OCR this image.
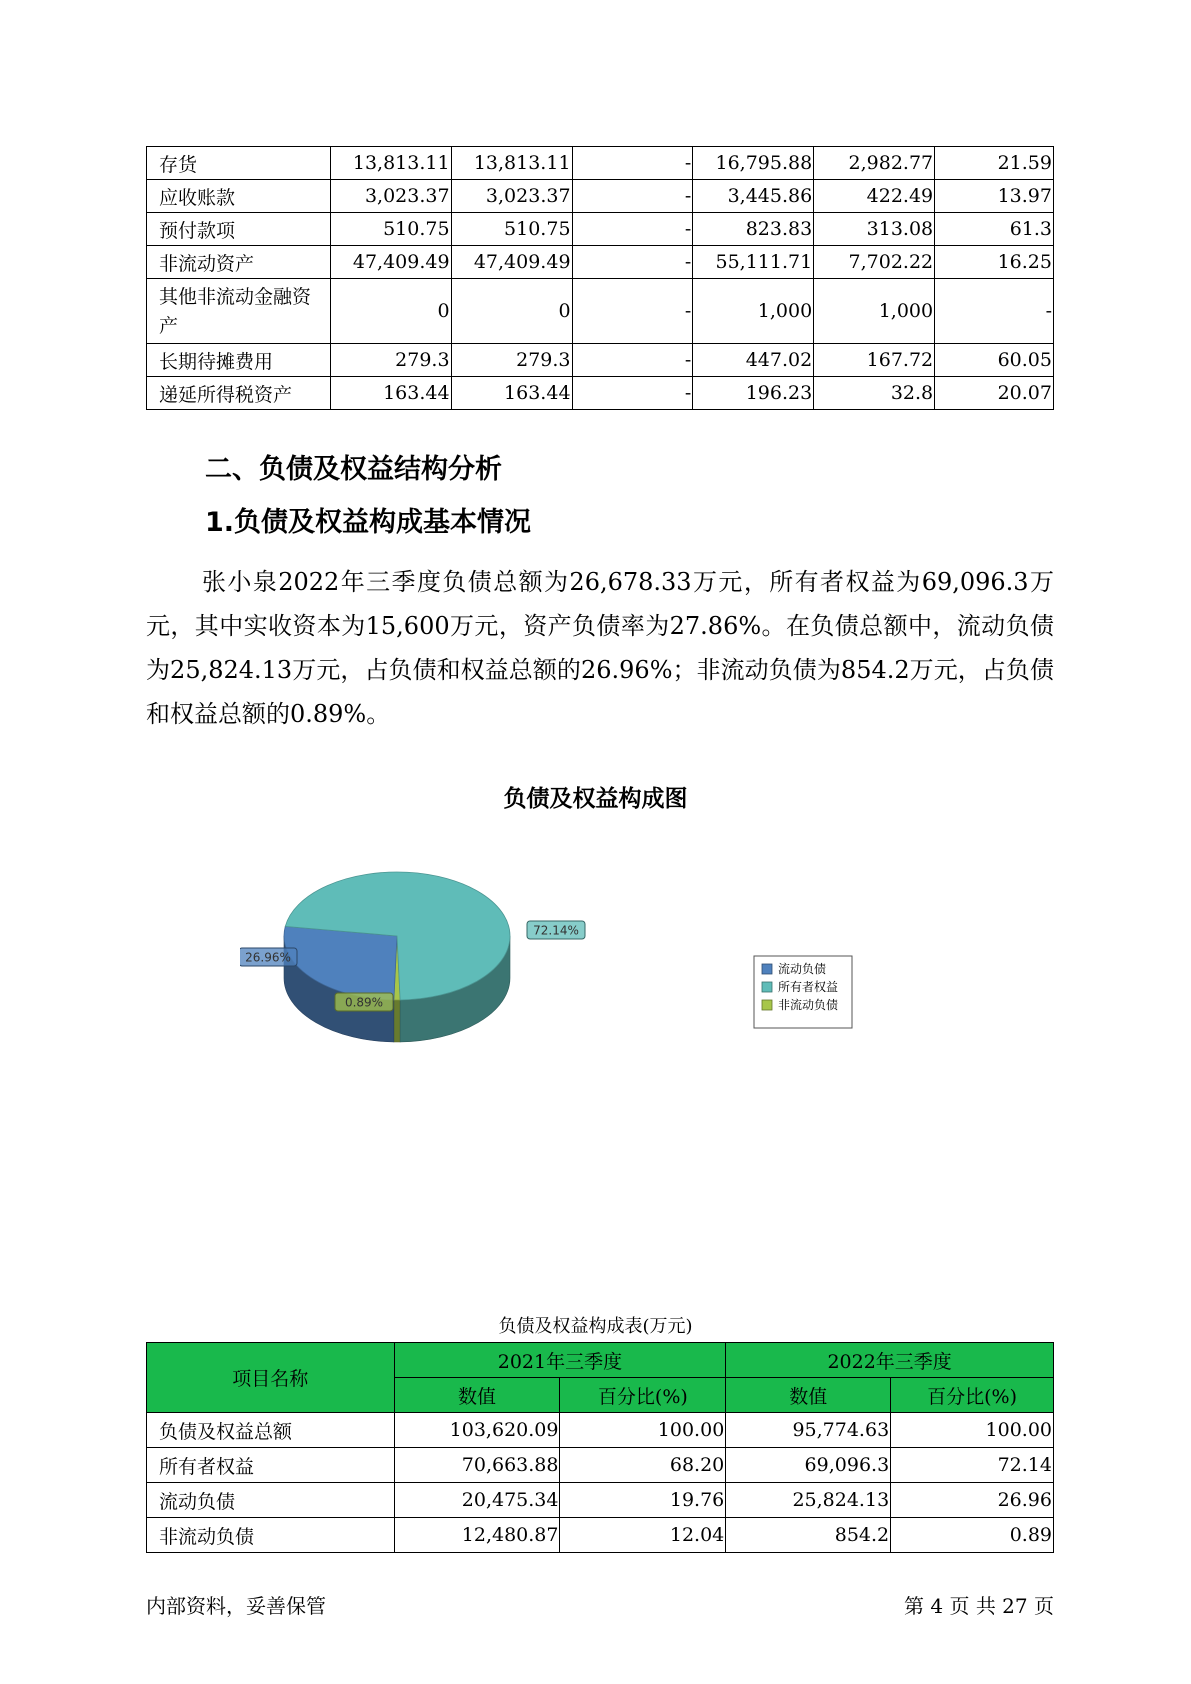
存货	13,813.11	13,813.11	-	16,795.88	2,982.77	21.59
应收账款	3,023.37	3,023.37	-	3,445.86	422.49	13.97
预付款项	510.75	510.75	-	823.83	313.08	61.3
非流动资产	47,409.49	47,409.49	-	55,111.71	7,702.22	16.25
其他非流动金融资产	0	0	-	1,000	1,000	-
长期待摊费用	279.3	279.3	-	447.02	167.72	60.05
递延所得税资产	163.44	163.44	-	196.23	32.8	20.07
二、负债及权益结构分析
1.负债及权益构成基本情况
张小泉2022年三季度负债总额为26,678.33万元，所有者权益为69,096.3万元，其中实收资本为15,600万元，资产负债率为27.86%。在负债总额中，流动负债为25,824.13万元，占负债和权益总额的26.96%；非流动负债为854.2万元，占负债和权益总额的0.89%。
负债及权益构成图
0.89%
26.96%
72.14%
流动负债
所有者权益
非流动负债
负债及权益构成表(万元)
项目名称	2021年三季度		2022年三季度	
	数值	百分比(%)	数值	百分比(%)
负债及权益总额	103,620.09	100.00	95,774.63	100.00
所有者权益	70,663.88	68.20	69,096.3	72.14
流动负债	20,475.34	19.76	25,824.13	26.96
非流动负债	12,480.87	12.04	854.2	0.89
内部资料，妥善保管	第 4 页 共 27 页
